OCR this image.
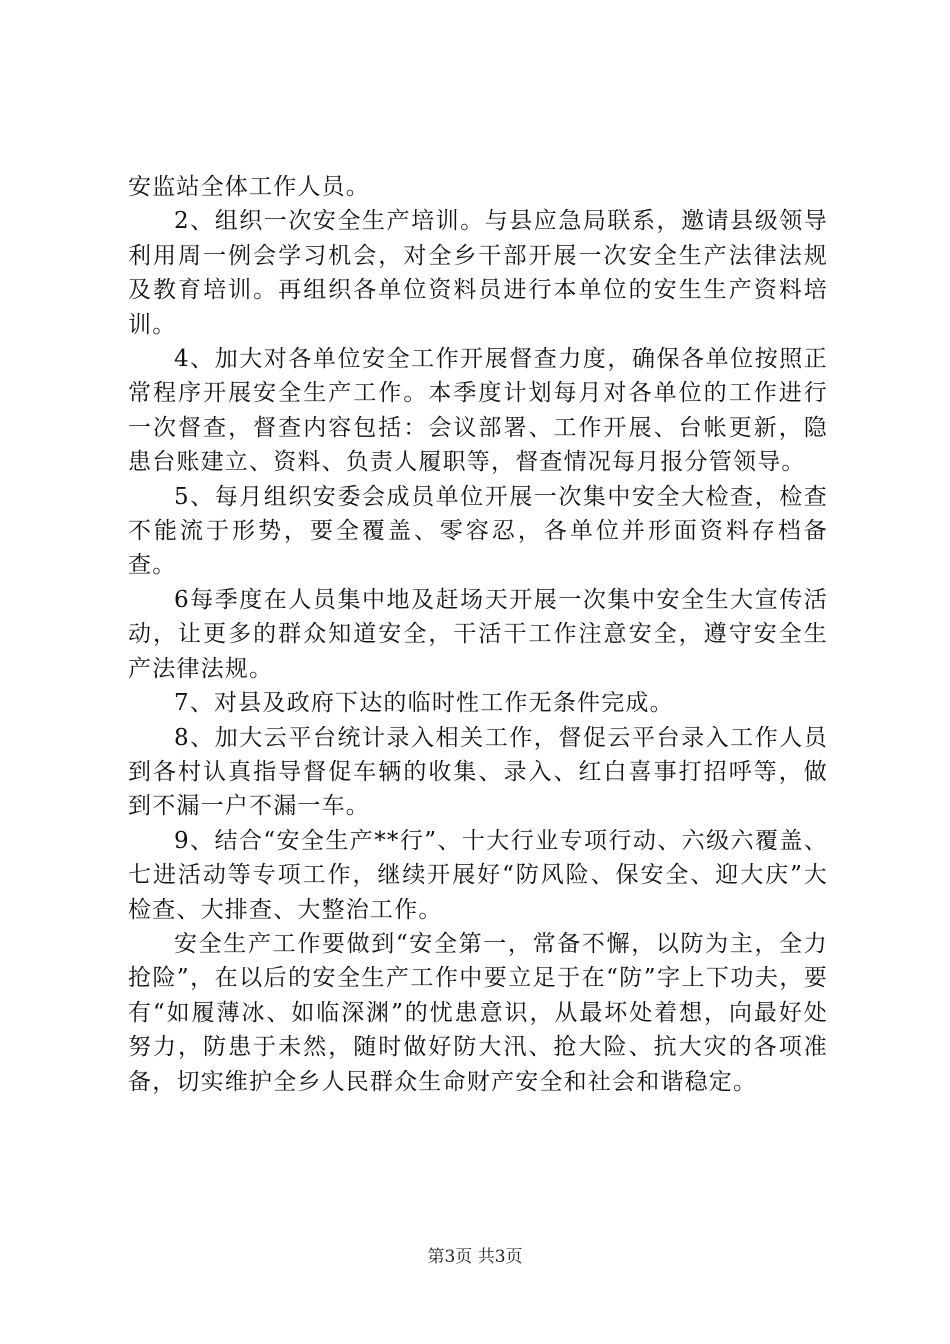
安监站全体工作人员。

2、组织一次安全生产培训。与县应急局联系，邀请县级领导利用周一例会学习机会，对全乡干部开展一次安全生产法律法规及教育培训。再组织各单位资料员进行本单位的安生生产资料培训。

4、加大对各单位安全工作开展督查力度，确保各单位按照正常程序开展安全生产工作。本季度计划每月对各单位的工作进行一次督查，督查内容包括：会议部署、工作开展、台帐更新，隐患台账建立、资料、负责人履职等，督查情况每月报分管领导。

5、每月组织安委会成员单位开展一次集中安全大检查，检查不能流于形势，要全覆盖、零容忍，各单位并形面资料存档备查。

6每季度在人员集中地及赶场天开展一次集中安全生大宣传活动，让更多的群众知道安全，干活干工作注意安全，遵守安全生产法律法规。

7、对县及政府下达的临时性工作无条件完成。

8、加大云平台统计录入相关工作，督促云平台录入工作人员到各村认真指导督促车辆的收集、录入、红白喜事打招呼等，做到不漏一户不漏一车。

9、结合“安全生产**行”、十大行业专项行动、六级六覆盖、七进活动等专项工作，继续开展好“防风险、保安全、迎大庆”大检查、大排查、大整治工作。

安全生产工作要做到“安全第一，常备不懈，以防为主，全力抢险”，在以后的安全生产工作中要立足于在“防”字上下功夫，要有“如履薄冰、如临深渊”的忧患意识，从最坏处着想，向最好处努力，防患于未然，随时做好防大汛、抢大险、抗大灾的各项准备，切实维护全乡人民群众生命财产安全和社会和谐稳定。

第3页 共3页
